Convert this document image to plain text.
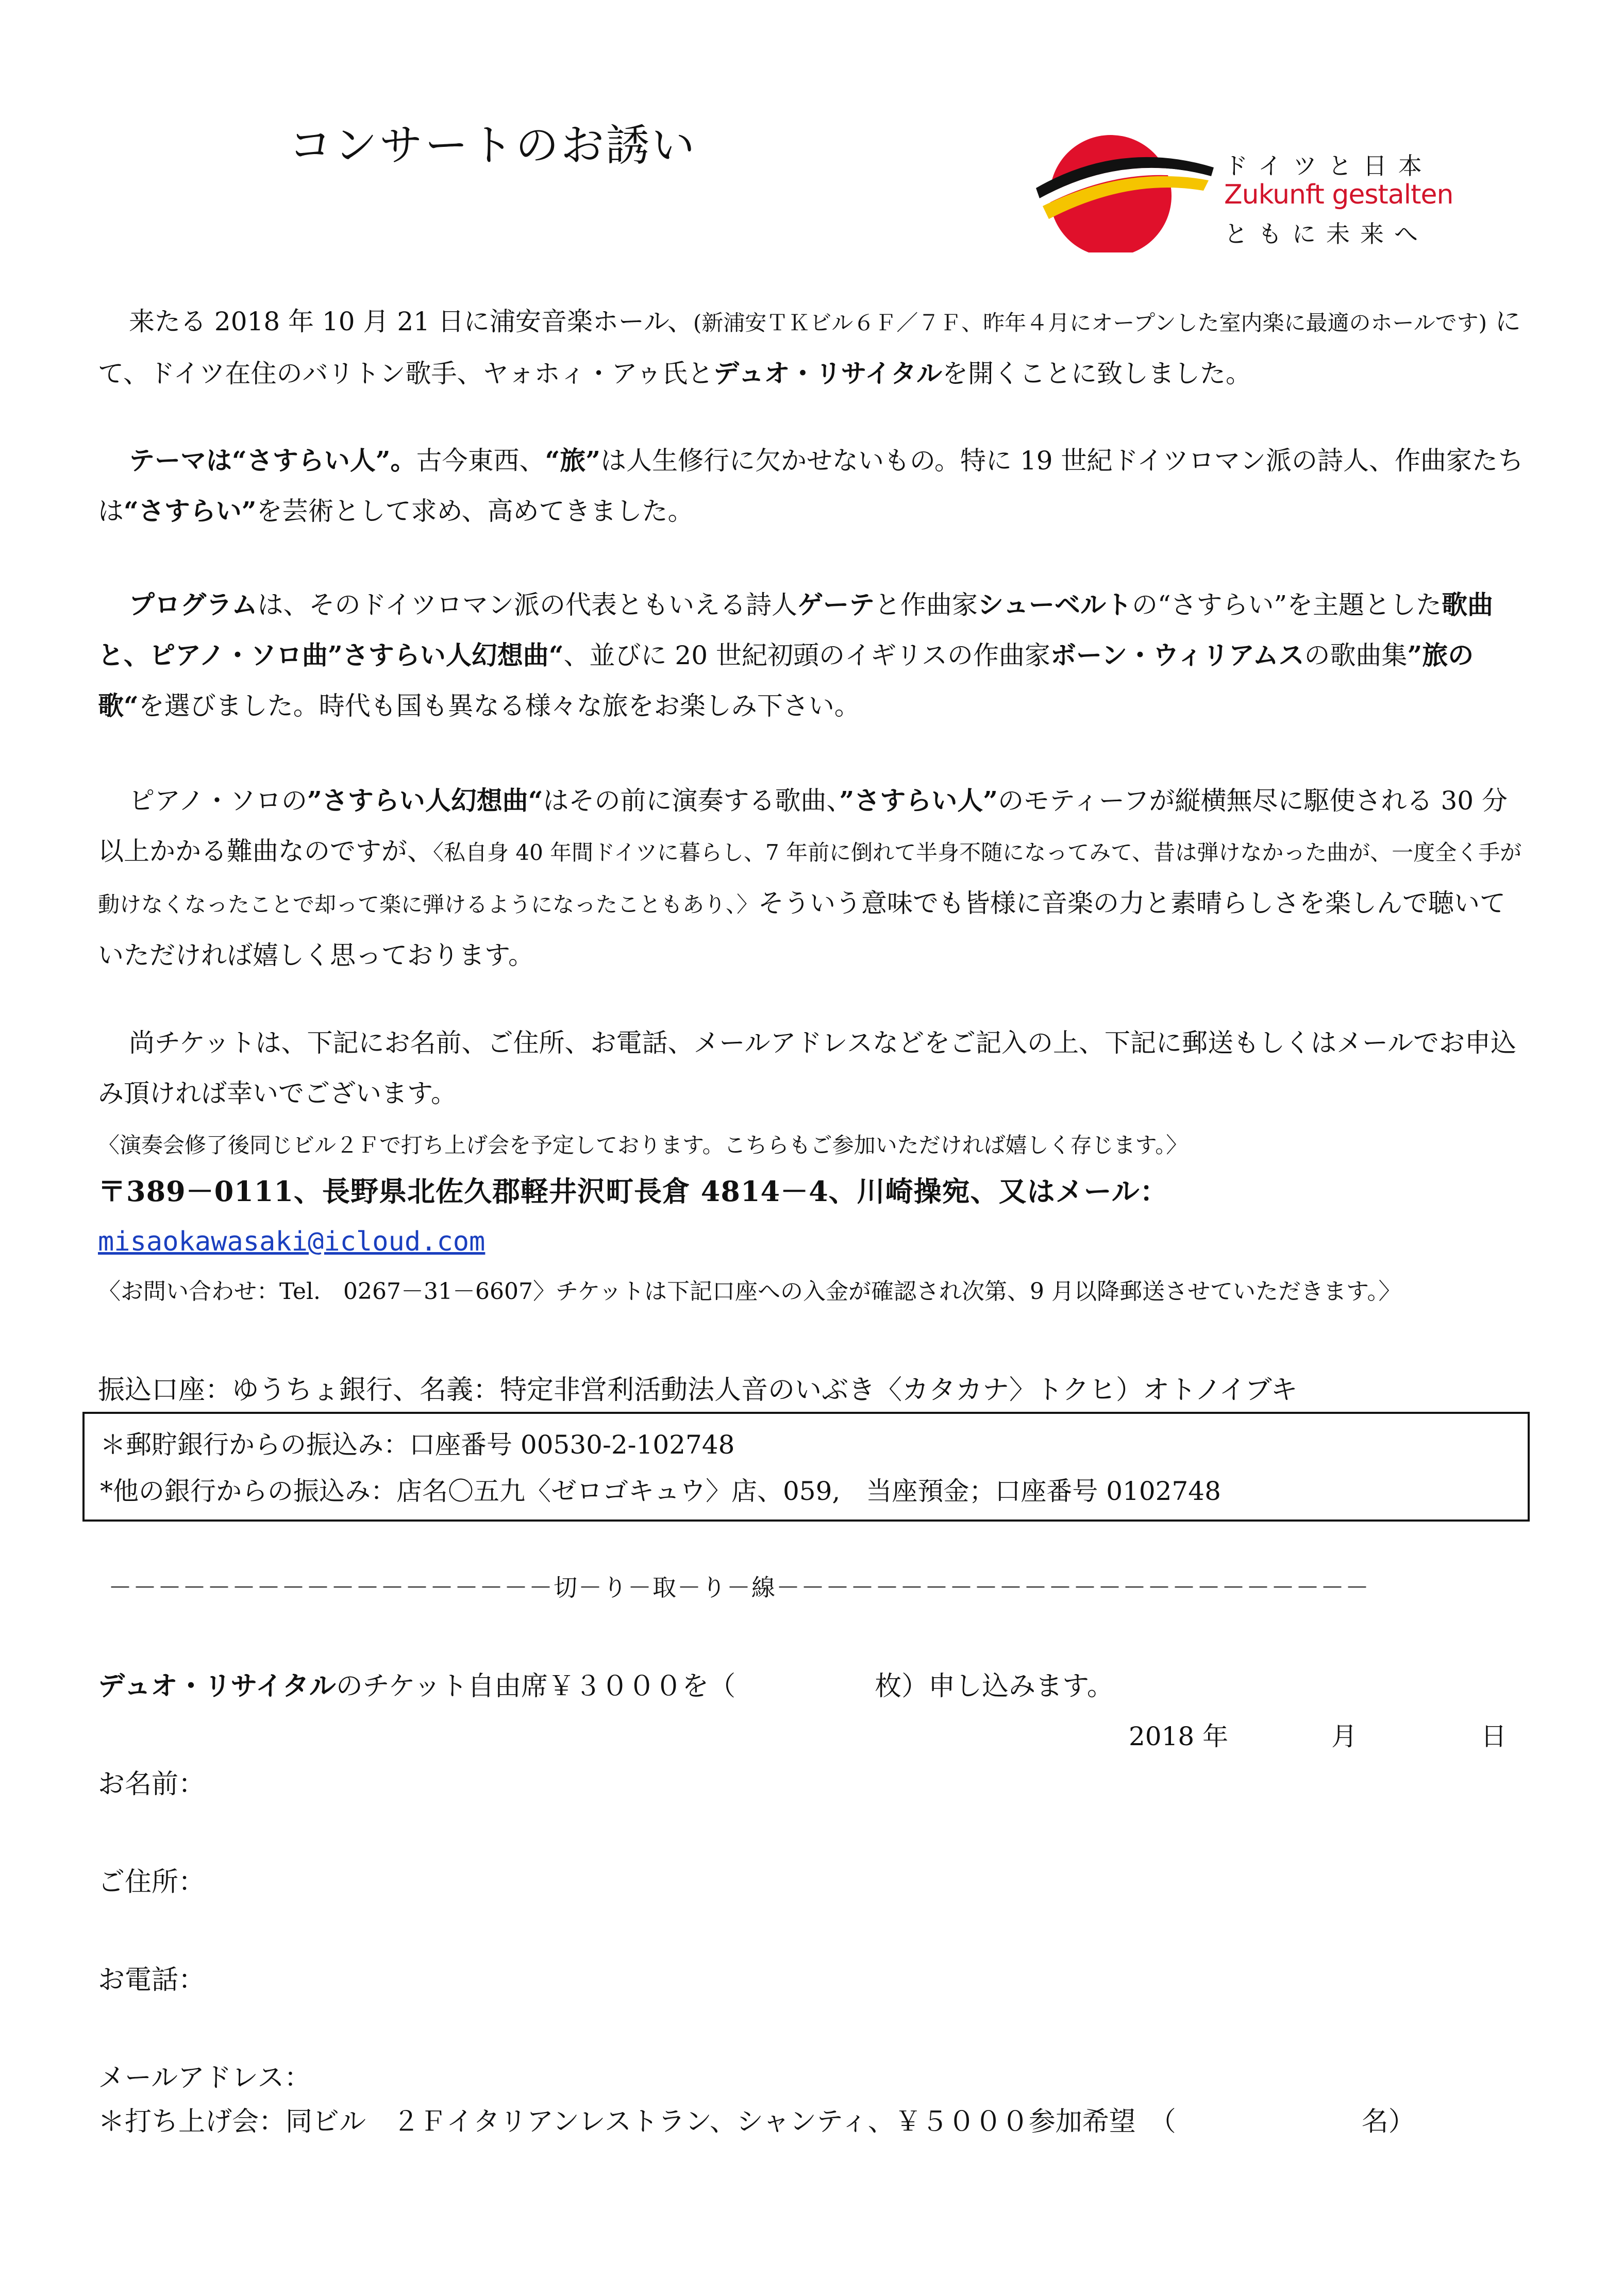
コンサートのお誘い	ドイツと日本
Zukunft gestalten
ともに未来へ

来たる 2018 年 10 月 21 日に浦安音楽ホール、(新浦安ＴＫビル６Ｆ／７Ｆ、昨年４月にオープンした室内楽に最適のホールです) にて、ドイツ在住のバリトン歌手、ヤォホィ・アゥ氏とデュオ・リサイタルを開くことに致しました。

テーマは“さすらい人”。古今東西、“旅”は人生修行に欠かせないもの。特に 19 世紀ドイツロマン派の詩人、作曲家たちは“さすらい”を芸術として求め、高めてきました。

プログラムは、そのドイツロマン派の代表ともいえる詩人ゲーテと作曲家シューベルトの“さすらい”を主題とした歌曲と、ピアノ・ソロ曲”さすらい人幻想曲“、並びに 20 世紀初頭のイギリスの作曲家ボーン・ウィリアムスの歌曲集”旅の歌“を選びました。時代も国も異なる様々な旅をお楽しみ下さい。

ピアノ・ソロの”さすらい人幻想曲“はその前に演奏する歌曲、”さすらい人”のモティーフが縦横無尽に駆使される 30 分以上かかる難曲なのですが、〈私自身 40 年間ドイツに暮らし、7 年前に倒れて半身不随になってみて、昔は弾けなかった曲が、一度全く手が動けなくなったことで却って楽に弾けるようになったこともあり、〉そういう意味でも皆様に音楽の力と素晴らしさを楽しんで聴いていただければ嬉しく思っております。

尚チケットは、下記にお名前、ご住所、お電話、メールアドレスなどをご記入の上、下記に郵送もしくはメールでお申込み頂ければ幸いでございます。〈演奏会修了後同じビル２Ｆで打ち上げ会を予定しております。こちらもご参加いただければ嬉しく存じます。〉

〒389－0111、長野県北佐久郡軽井沢町長倉 4814－4、川崎操宛、又はメール：
misaokawasaki@icloud.com
〈お問い合わせ：Tel.　0267－31－6607〉チケットは下記口座への入金が確認され次第、9 月以降郵送させていただきます。〉
振込口座：ゆうちょ銀行、名義：特定非営利活動法人音のいぶき〈カタカナ〉トクヒ）オトノイブキ
＊郵貯銀行からの振込み：口座番号 00530-2-102748
*他の銀行からの振込み：店名〇五九〈ゼロゴキュウ〉店、059,　当座預金；口座番号 0102748
－－－－－－－－－－－－－－－－－－切－り－取－り－線－－－－－－－－－－－－－－－－－－－－－－－－
デュオ・リサイタルのチケット自由席￥３０００を（	枚）申し込みます。
2018 年	月	日
お名前：
ご住所：
お電話：
メールアドレス：
＊打ち上げ会：同ビル　２Ｆイタリアンレストラン、シャンティ、￥５０００参加希望　（	名）
